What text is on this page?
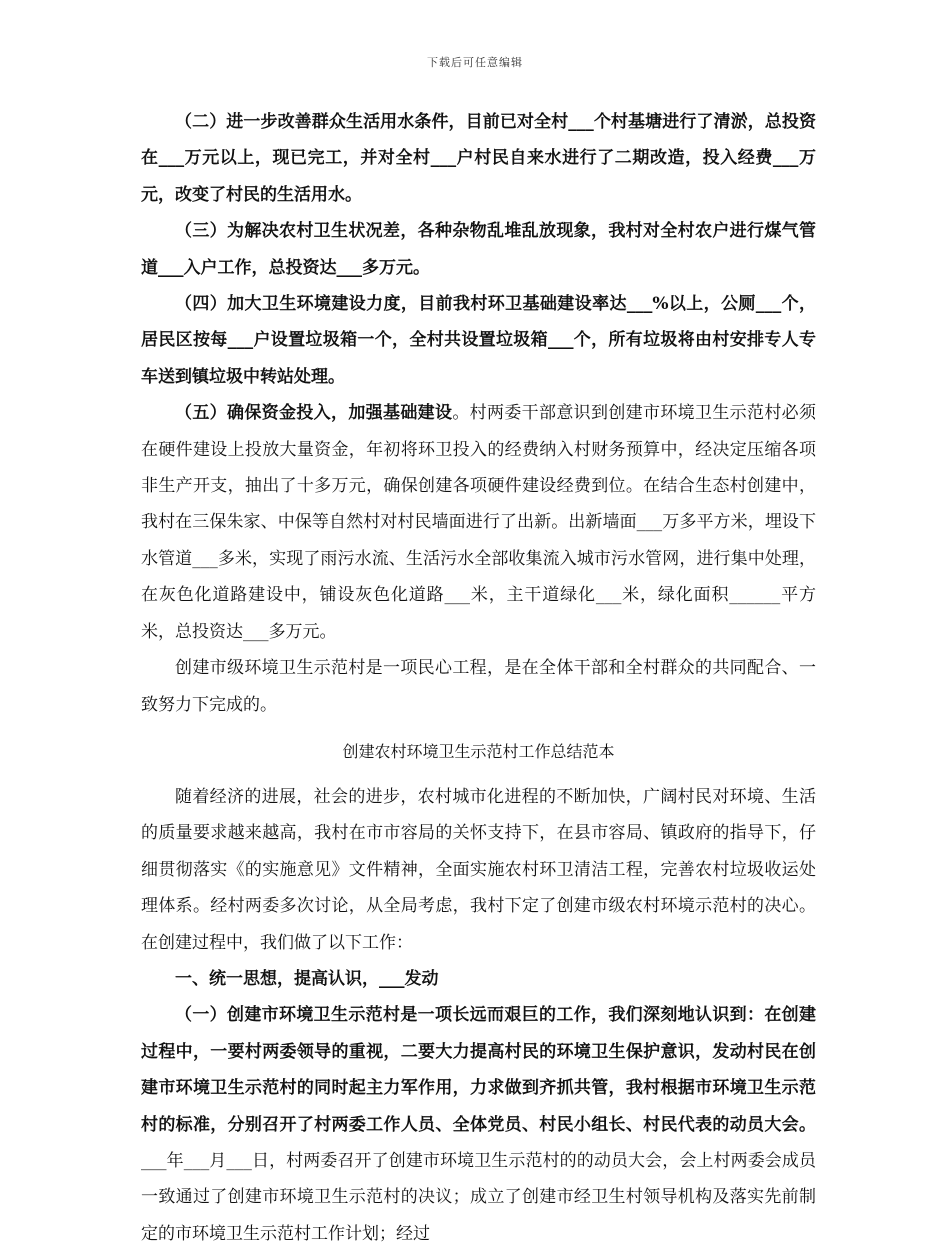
下载后可任意编辑

（二）进一步改善群众生活用水条件，目前已对全村___个村基塘进行了清淤，总投资在___万元以上，现已完工，并对全村___户村民自来水进行了二期改造，投入经费___万元，改变了村民的生活用水。

（三）为解决农村卫生状况差，各种杂物乱堆乱放现象，我村对全村农户进行煤气管道___入户工作，总投资达___多万元。

（四）加大卫生环境建设力度，目前我村环卫基础建设率达___%以上，公厕___个，居民区按每___户设置垃圾箱一个，全村共设置垃圾箱___个，所有垃圾将由村安排专人专车送到镇垃圾中转站处理。

（五）确保资金投入，加强基础建设。村两委干部意识到创建市环境卫生示范村必须在硬件建设上投放大量资金，年初将环卫投入的经费纳入村财务预算中，经决定压缩各项非生产开支，抽出了十多万元，确保创建各项硬件建设经费到位。在结合生态村创建中，我村在三保朱家、中保等自然村对村民墙面进行了出新。出新墙面___万多平方米，埋设下水管道___多米，实现了雨污水流、生活污水全部收集流入城市污水管网，进行集中处理，在灰色化道路建设中，铺设灰色化道路___米，主干道绿化___米，绿化面积______平方米，总投资达___多万元。

创建市级环境卫生示范村是一项民心工程，是在全体干部和全村群众的共同配合、一致努力下完成的。

创建农村环境卫生示范村工作总结范本

随着经济的进展，社会的进步，农村城市化进程的不断加快，广阔村民对环境、生活的质量要求越来越高，我村在市市容局的关怀支持下，在县市容局、镇政府的指导下，仔细贯彻落实《的实施意见》文件精神，全面实施农村环卫清洁工程，完善农村垃圾收运处理体系。经村两委多次讨论，从全局考虑，我村下定了创建市级农村环境示范村的决心。在创建过程中，我们做了以下工作：

一、统一思想，提高认识，___发动

（一）创建市环境卫生示范村是一项长远而艰巨的工作，我们深刻地认识到：在创建过程中，一要村两委领导的重视，二要大力提高村民的环境卫生保护意识，发动村民在创建市环境卫生示范村的同时起主力军作用，力求做到齐抓共管，我村根据市环境卫生示范村的标准，分别召开了村两委工作人员、全体党员、村民小组长、村民代表的动员大会。___年___月___日，村两委召开了创建市环境卫生示范村的的动员大会，会上村两委会成员一致通过了创建市环境卫生示范村的决议；成立了创建市经卫生村领导机构及落实先前制定的市环境卫生示范村工作计划；经过
